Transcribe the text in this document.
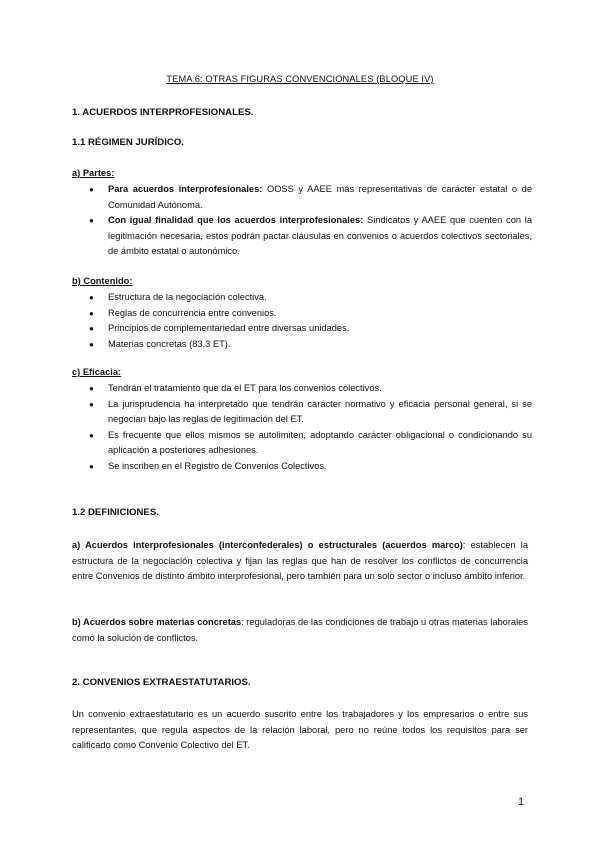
TEMA 6: OTRAS FIGURAS CONVENCIONALES (BLOQUE IV)
1. ACUERDOS INTERPROFESIONALES.
1.1 RÉGIMEN JURÍDICO.
a) Partes:
● Para acuerdos interprofesionales: OOSS y AAEE más representativas de carácter estatal o de Comunidad Autónoma.
● Con igual finalidad que los acuerdos interprofesionales: Sindicatos y AAEE que cuenten con la legitimación necesaria, estos podrán pactar cláusulas en convenios o acuerdos colectivos sectoriales, de ámbito estatal o autonómico.
b) Contenido:
● Estructura de la negociación colectiva.
● Reglas de concurrencia entre convenios.
● Principios de complementariedad entre diversas unidades.
● Materias concretas (83.3 ET).
c) Eficacia:
● Tendrán el tratamiento que da el ET para los convenios colectivos.
● La jurisprudencia ha interpretado que tendrán carácter normativo y eficacia personal general, si se negocian bajo las reglas de legitimación del ET.
● Es frecuente que ellos mismos se autolimiten, adoptando carácter obligacional o condicionando su aplicación a posteriores adhesiones.
● Se inscriben en el Registro de Convenios Colectivos.
1.2 DEFINICIONES.
a) Acuerdos interprofesionales (interconfederales) o estructurales (acuerdos marco): establecen la estructura de la negociación colectiva y fijan las reglas que han de resolver los conflictos de concurrencia entre Convenios de distinto ámbito interprofesional, pero también para un solo sector o incluso ámbito inferior.
b) Acuerdos sobre materias concretas: reguladoras de las condiciones de trabajo u otras materias laborales como la solución de conflictos.
2. CONVENIOS EXTRAESTATUTARIOS.
Un convenio extraestatutario es un acuerdo suscrito entre los trabajadores y los empresarios o entre sus representantes, que regula aspectos de la relación laboral, pero no reúne todos los requisitos para ser calificado como Convenio Colectivo del ET.
1
